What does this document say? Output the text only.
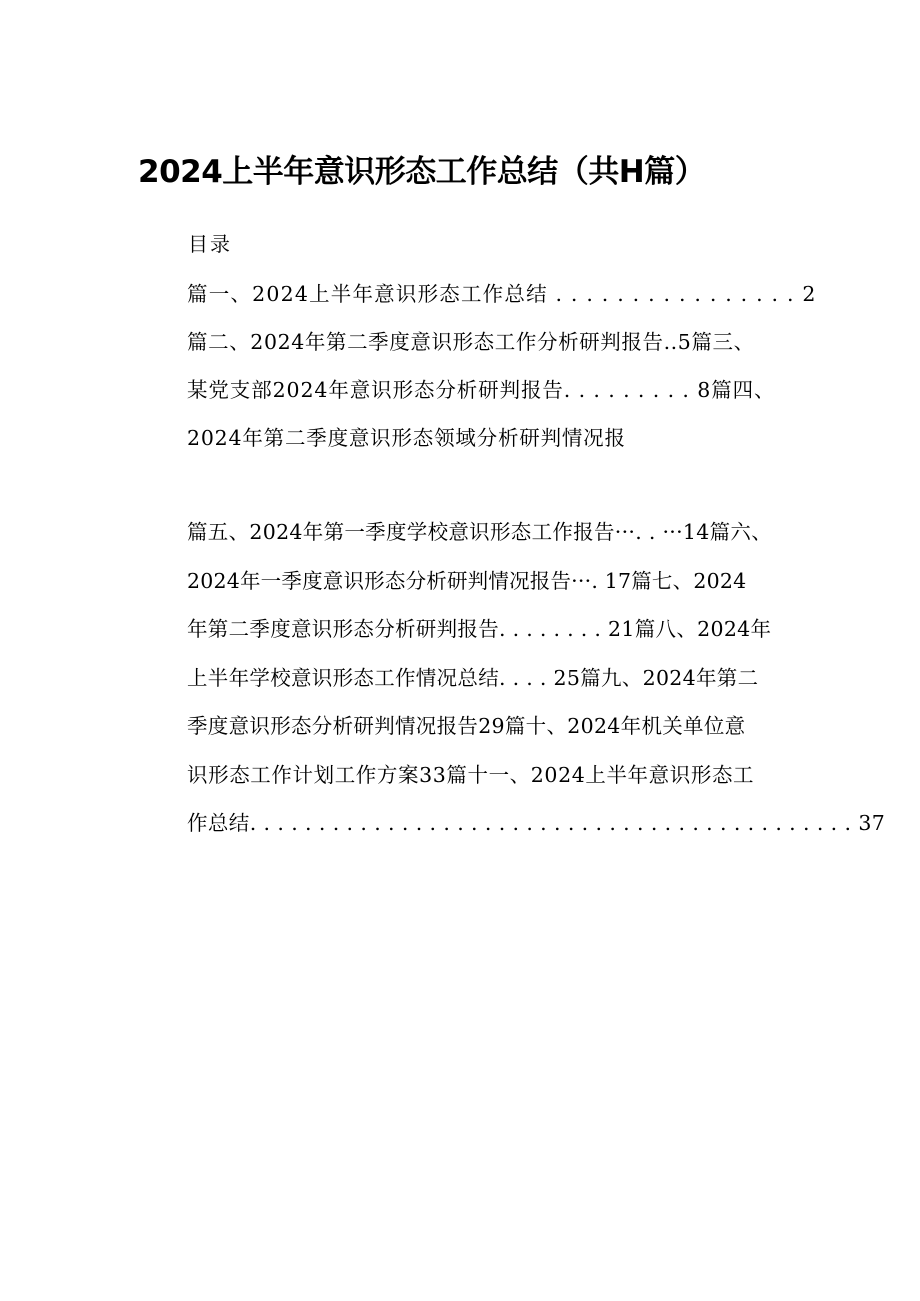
2024上半年意识形态工作总结（共H篇）
目录
篇一、2024上半年意识形态工作总结 . . . . . . . . . . . . . . . . 2
篇二、2024年第二季度意识形态工作分析研判报告..5篇三、
某党支部2024年意识形态分析研判报告. . . . . . . . . 8篇四、
2024年第二季度意识形态领域分析研判情况报
篇五、2024年第一季度学校意识形态工作报告···. . ···14篇六、
2024年一季度意识形态分析研判情况报告···. 17篇七、2024
年第二季度意识形态分析研判报告. . . . . . . . 21篇八、2024年
上半年学校意识形态工作情况总结. . . . 25篇九、2024年第二
季度意识形态分析研判情况报告29篇十、2024年机关单位意
识形态工作计划工作方案33篇十一、2024上半年意识形态工
作总结. . . . . . . . . . . . . . . . . . . . . . . . . . . . . . . . . . . . . . . . . . . . 37
